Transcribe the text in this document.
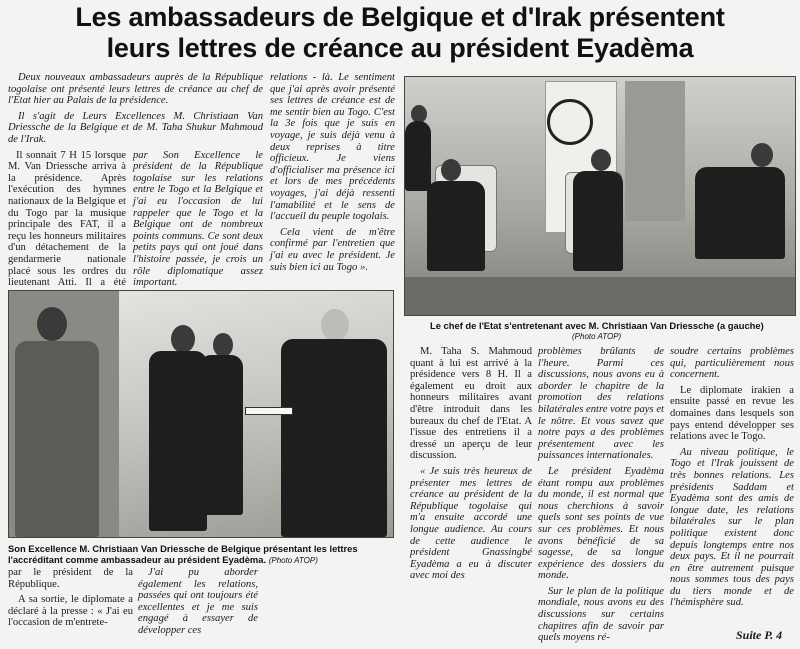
Les ambassadeurs de Belgique et d'Irak présentent
leurs lettres de créance au président Eyadèma

Deux nouveaux ambassadeurs auprès de la République togolaise ont présenté leurs lettres de créance au chef de l'Etat hier au Palais de la présidence.

Il s'agit de Leurs Excellences M. Christiaan Van Driessche de la Belgique et de M. Taha Shukur Mahmoud de l'Irak.

Il sonnait 7 H 15 lorsque M. Van Driessche arriva à la présidence. Après l'exécution des hymnes nationaux de la Belgique et du Togo par la musique principale des FAT, il a reçu les honneurs militaires d'un détachement de la gendarmerie nationale placé sous les ordres du lieutenant Atti. Il a été

par Son Excellence le président de la République togolaise sur les relations entre le Togo et la Belgique et j'ai eu l'occasion de lui rappeler que le Togo et la Belgique ont de nombreux points communs. Ce sont deux petits pays qui ont joué dans l'histoire passée, je crois un rôle diplomatique assez important.

relations - là. Le sentiment que j'ai après avoir présenté ses lettres de créance est de me sentir bien au Togo. C'est la 3e fois que je suis en voyage, je suis déjà venu à deux reprises à titre officieux. Je viens d'officialiser ma présence ici et lors de mes précédents voyages, j'ai déjà ressenti l'amabilité et le sens de l'accueil du peuple togolais.

Cela vient de m'être confirmé par l'entretien que j'ai eu avec le président. Je suis bien ici au Togo ».

Le chef de l'Etat s'entretenant avec M. Christiaan Van Driessche (a gauche)
(Photo ATOP)
Son Excellence M. Christiaan Van Driessche de Belgique présentant les lettres l'accréditant comme ambassadeur au président Eyadèma. (Photo ATOP)

par le président de la République.

A sa sortie, le diplomate a déclaré à la presse : « J'ai eu l'occasion de m'entrete-

J'ai pu aborder également les relations, passées qui ont toujours été excellentes et je me suis engagé à essayer de développer ces

M. Taha S. Mahmoud quant à lui est arrivé à la présidence vers 8 H. Il a également eu droit aux honneurs militaires avant d'être introduit dans les bureaux du chef de l'Etat. A l'issue des entretiens il a dressé un aperçu de leur discussion.

« Je suis très heureux de présenter mes lettres de créance au président de la République togolaise qui m'a ensuite accordé une longue audience. Au cours de cette audience le président Gnassingbé Eyadèma a eu à discuter avec moi des

problèmes brûlants de l'heure. Parmi ces discussions, nous avons eu à aborder le chapitre de la promotion des relations bilatérales entre votre pays et le nôtre. Et vous savez que notre pays a des problèmes présentement avec les puissances internationales.

Le président Eyadèma étant rompu aux problèmes du monde, il est normal que nous cherchions à savoir quels sont ses points de vue sur ces problèmes. Et nous avons bénéficié de sa sagesse, de sa longue expérience des dossiers du monde.

Sur le plan de la politique mondiale, nous avons eu des discussions sur certains chapitres afin de savoir par quels moyens ré-

soudre certains problèmes qui, particulièrement nous concernent.

Le diplomate irakien a ensuite passé en revue les domaines dans lesquels son pays entend développer ses relations avec le Togo.

Au niveau politique, le Togo et l'Irak jouissent de très bonnes relations. Les présidents Saddam et Eyadèma sont des amis de longue date, les relations bilatérales sur le plan politique existent donc depuis longtemps entre nos deux pays. Et il ne pourrait en être autrement puisque nous sommes tous des pays du tiers monde et de l'hémisphère sud.

Suite P. 4
